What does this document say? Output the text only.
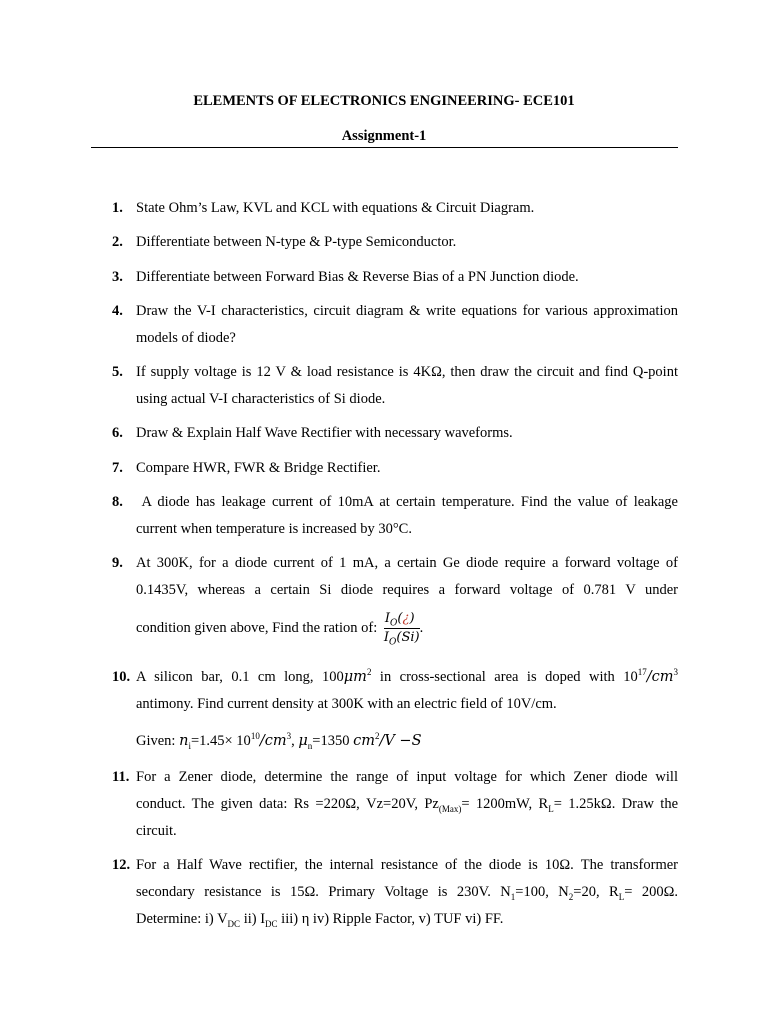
ELEMENTS OF ELECTRONICS ENGINEERING- ECE101
Assignment-1
1. State Ohm’s Law, KVL and KCL with equations & Circuit Diagram.
2. Differentiate between N-type & P-type Semiconductor.
3. Differentiate between Forward Bias & Reverse Bias of a PN Junction diode.
4. Draw the V-I characteristics, circuit diagram & write equations for various approximation
models of diode?
5. If supply voltage is 12 V & load resistance is 4KΩ, then draw the circuit and find Q-point
using actual V-I characteristics of Si diode.
6. Draw & Explain Half Wave Rectifier with necessary waveforms.
7. Compare HWR, FWR & Bridge Rectifier.
8. A diode has leakage current of 10mA at certain temperature. Find the value of leakage
current when temperature is increased by 30°C.
9. At 300K, for a diode current of 1 mA, a certain Ge diode require a forward voltage of
0.1435V, whereas a certain Si diode requires a forward voltage of 0.781 V under
condition given above, Find the ration of: $\frac{I_O(¿)}{I_O(Si)}$ .
10. A silicon bar, 0.1 cm long, $100\mu m^2$ in cross-sectional area is doped with $10^{17}/cm^3$
antimony. Find current density at 300K with an electric field of 10V/cm.
Given: $n_i=1.45\times 10^{10}/cm^3$, $\mu_n=1350$ $cm^2/V -S$
11. For a Zener diode, determine the range of input voltage for which Zener diode will
conduct. The given data: Rs =220Ω, Vz=20V, $Pz_{(Max)}= 1200mW$, $R_L= 1.25k\Omega$. Draw the
circuit.
12. For a Half Wave rectifier, the internal resistance of the diode is 10Ω. The transformer
secondary resistance is 15Ω. Primary Voltage is 230V. $N_1=100$, $N_2=20$, $R_L= 200\Omega$.
Determine: i) $V_{DC}$ ii) $I_{DC}$ iii) η iv) Ripple Factor, v) TUF vi) FF.
